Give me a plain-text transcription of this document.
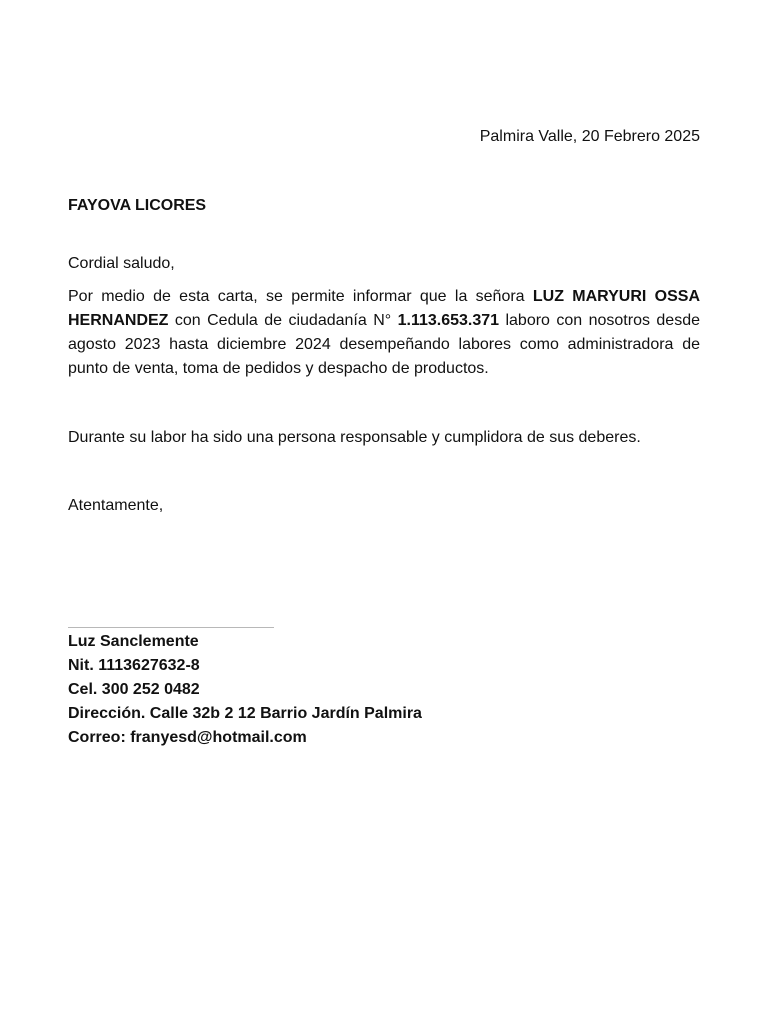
Palmira Valle, 20 Febrero 2025
FAYOVA LICORES
Cordial saludo,
Por medio de esta carta, se permite informar que la señora LUZ MARYURI OSSA HERNANDEZ con Cedula de ciudadanía N° 1.113.653.371 laboro con nosotros desde agosto 2023 hasta diciembre 2024 desempeñando labores como administradora de punto de venta, toma de pedidos y despacho de productos.
Durante su labor ha sido una persona responsable y cumplidora de sus deberes.
Atentamente,
Luz Sanclemente
Nit. 1113627632-8
Cel. 300 252 0482
Dirección. Calle 32b 2 12 Barrio Jardín Palmira
Correo: franyesd@hotmail.com
